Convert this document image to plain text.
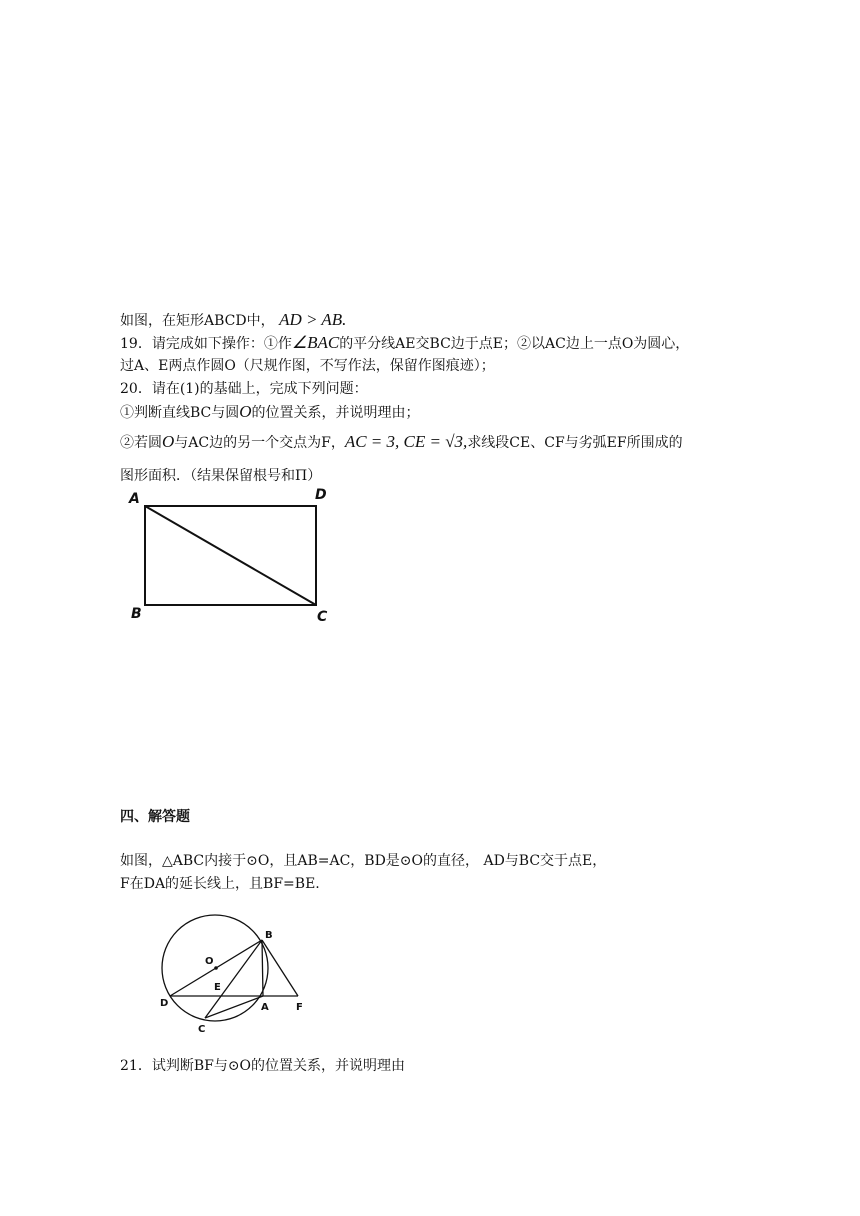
如图，在矩形ABCD中， AD > AB.
19．请完成如下操作：①作∠BAC的平分线AE交BC边于点E；②以AC边上一点O为圆心，
过A、E两点作圆O（尺规作图，不写作法，保留作图痕迹）；
20．请在(1)的基础上，完成下列问题：
①判断直线BC与圆O的位置关系，并说明理由；
②若圆O与AC边的另一个交点为F，AC = 3, CE = √3,求线段CE、CF与劣弧EF所围成的
图形面积．（结果保留根号和Π）
A	D
B	C
四、解答题
如图，△ABC内接于⊙O，且AB=AC，BD是⊙O的直径， AD与BC交于点E，
F在DA的延长线上，且BF=BE.
O
B
E
D	A	F
C
21．试判断BF与⊙O的位置关系，并说明理由
